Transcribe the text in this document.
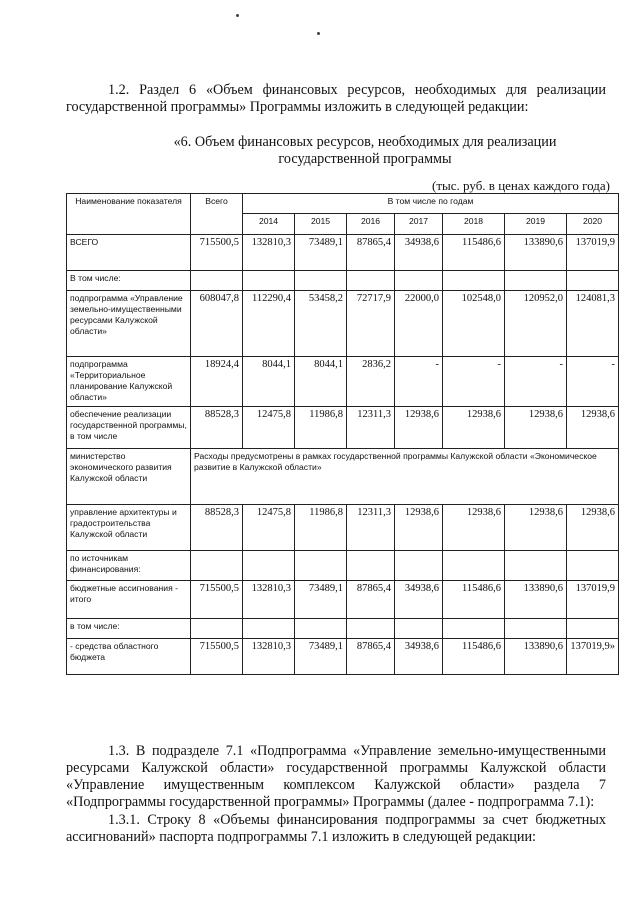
1.2. Раздел 6 «Объем финансовых ресурсов, необходимых для реализации государственной программы» Программы изложить в следующей редакции:
«6. Объем финансовых ресурсов, необходимых для реализации
государственной программы
(тыс. руб. в ценах каждого года)
Наименование показателя	Всего	В том числе по годам						
		2014	2015	2016	2017	2018	2019	2020
ВСЕГО	715500,5	132810,3	73489,1	87865,4	34938,6	115486,6	133890,6	137019,9
В том числе:								
подпрограмма «Управление земельно-имущественными ресурсами Калужской области»	608047,8	112290,4	53458,2	72717,9	22000,0	102548,0	120952,0	124081,3
подпрограмма «Территориальное планирование Калужской области»	18924,4	8044,1	8044,1	2836,2	-	-	-	-
обеспечение реализации государственной программы, в том числе	88528,3	12475,8	11986,8	12311,3	12938,6	12938,6	12938,6	12938,6
министерство экономического развития Калужской области	Расходы предусмотрены в рамках государственной программы Калужской области «Экономическое развитие в Калужской области»							
управление архитектуры и градостроительства Калужской области	88528,3	12475,8	11986,8	12311,3	12938,6	12938,6	12938,6	12938,6
по источникам финансирования:								
бюджетные ассигнования - итого	715500,5	132810,3	73489,1	87865,4	34938,6	115486,6	133890,6	137019,9
в том числе:								
- средства областного бюджета	715500,5	132810,3	73489,1	87865,4	34938,6	115486,6	133890,6	137019,9»
1.3. В подразделе 7.1 «Подпрограмма «Управление земельно-имущественными ресурсами Калужской области» государственной программы Калужской области «Управление имущественным комплексом Калужской области» раздела 7 «Подпрограммы государственной программы» Программы (далее - подпрограмма 7.1):
1.3.1. Строку 8 «Объемы финансирования подпрограммы за счет бюджетных ассигнований» паспорта подпрограммы 7.1 изложить в следующей редакции:
